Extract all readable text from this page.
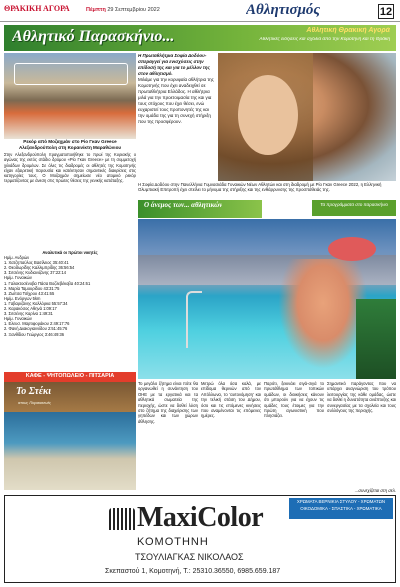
ΘΡΑΚΙΚΗ ΑΓΟΡΑ	Πέμπτη 29 Σεπτεμβρίου 2022	Αθλητισμός	12
Αθλητικό Παρασκήνιο...	Αθλητική Θρακική Αγορά
Αθλητικές ειδήσεις και σχόλια από την Κομοτηνή και τη Θράκη
Ρεκόρ από Μοζαχμάν στο Ρίο Γκαν Greece Αλεξανδρούπολη στη Κοραινίκτη Μαραθώνιου

Στην Αλεξανδρούπολη πραγματοποιήθηκε το πρωί της Κυριακής ο αγώνας της εκτός στάδιο δρόμου «Ρίο Γκαν Greece» με τη συμμετοχή χιλιάδων δρομέων. Σε όλες τις διαδρομές οι αθλητές της Κομοτηνής είχαν εξαιρετική παρουσία και κατέκτησαν σημαντικές διακρίσεις στις κατηγορίες τους. Ο Μοζαχμάν σημείωσε νέο ατομικό ρεκόρ τερματίζοντας με άνεση στις πρώτες θέσεις της γενικής κατάταξης.

Αναλυτικά οι πρώτοι νικητές

Ημίμ. Ανδρών

1. Χατζηπαύλος Βασίλειος 35:40:41

2. Θεοδωρίδης Καλλιμπρίδης 36:56:54

3. Σιτσένης Κυδιανιζάνης 37:22:14

Ημίμ. Γυναικών

1. Γαλακτοσένοβα Πάσα Βοζλεβέκοβα 40:24:61

2. Μαρία Ταμουρίδου 43:31:75

3. Ζωίτσα Τσίχρου 43:41:65

Ημίμ. Ενόργων 5km

1. Γαβαριζάνης Καλλόρκα 55:57:34

2. Καρακόσος Αθηνά 1:09:17

3. Σιτσένης Καρίνα 1:49:31

Ημίμ. Γυναικών

1. Ελευσ. Μαρτιφοράκου 2:49:17:76

2. Φανή Διακογιαννίδου 2:51:45:76

3. Ξανθίδου Γεώργιος 3:46:49:36

ΚΑΦΕ - ΨΗΤΟΠΩΛΕΙΟ - ΠΙΤΣΑΡΙΑ
Το Στέκι
στους Παρασκευές
Η Πρωταθλήτρια Σοφία Δοδόου-σπεραγγεί για ενισχύσεις στην επίδοσή της και για το μέλλον της στον αθλητισμό.
Μιλάμε για την κορυφαία αθλήτρια της Κομοτηνής που έχει αναδειχθεί σε πρωταθλήτρια Ελλάδος. Η αθλήτρια μιλά για την προετοιμασία της και για τους στόχους που έχει θέσει, ενώ ευχαριστεί τους προπονητές της και την ομάδα της για τη συνεχή στήριξη που της προσφέρουν.
Η Σοφία Δοδόου στην Πανελλήνια Γυμνασιάδα Γυναικών Νέων Αθλητών και στη διαδρομή με Ρίο Γκαν Greece 2022, η Ελληνική Ολυμπιακή Επιτροπή έχει στείλει το μήνυμα της στήριξης και της ενθάρρυνσης της προσπάθειάς της.
Ο άνεμος των... αθλητικών	Τα προγράμματα στο παρασκήνιο

Το μεγάλο ζήτημα είναι πότε θα οργανωθεί η συνάντηση του ΟΗΕ με τα εργατικά και τα αθλητικά σωματεία της περιοχής, ώστε να δοθεί λύση στο ζήτημα της διαχείρισης των γηπέδων και των χώρων άθλησης.

Μετρώ όλα όσα καλά, με επίδομα θερινών από τον Απόλλωνα, το 'αυτονόμηση' και την τελική στάση του Δήμου, όσο και τις επόμενες κινήσεις που αναμένονται τις επόμενες ημέρες.

Παρότι, ξεκινάει σιγά-σιγά το πρωτάθλημα των τοπικών ομάδων, οι διοικήσεις κάνουν ότι μπορούν για να έχουν τις ομάδες τους έτοιμες για την πρώτη αγωνιστική που πλησιάζει.

Σημαντικό παράγοντας που να υπάρχει αναγνώριση του τρόπου λειτουργίας της κάθε ομάδας, ώστε να δοθεί η δυνατότητα ανάπτυξης και συνεργασίας με τα σχολεία και τους συλλόγους της περιοχής.

...συνεχίζεται στη σελ.
MaxiColor
ΚΟΜΟΤΗΝΗ
ΤΣΟΥΛΙΑΓΚΑΣ ΝΙΚΟΛΑΟΣ
Σκεπαστού 1, Κομοτηνή, Τ.: 25310.36550, 6985.659.187
ΧΡΩΜΑΤΑ ΒΕΡΝΙΚΙΑ ΣΤΥΛΟΥ - ΧΡΩΜΑΤΩΝ ΟΙΚΟΔΟΜΙΚΑ - ΣΠΑΣΤΙΚΑ - ΧΡΩΜΑΤΙΚΑ
